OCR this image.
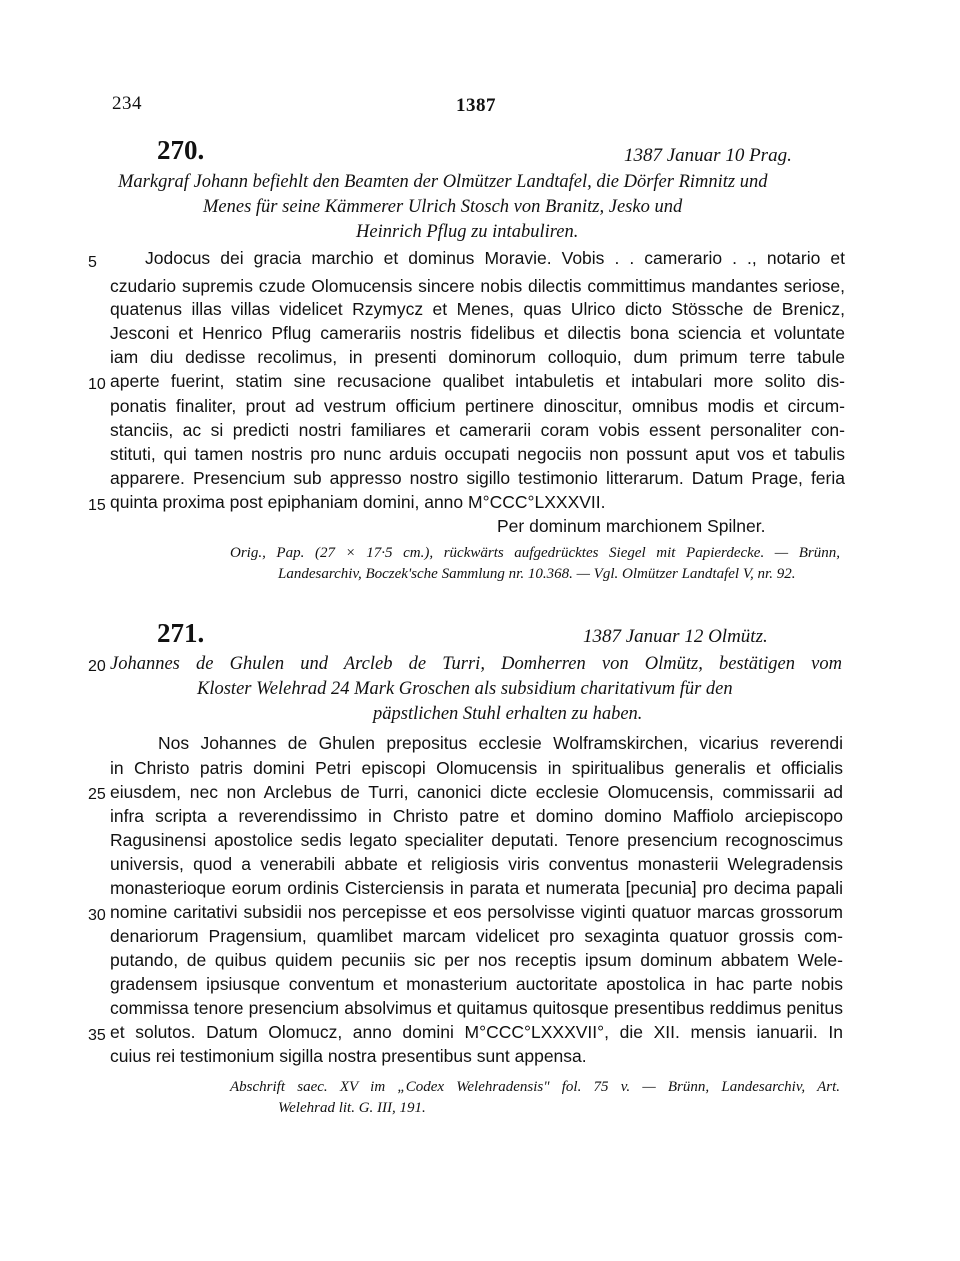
234	1387
270.	1387 Januar 10 Prag.
Markgraf Johann befiehlt den Beamten der Olmützer Landtafel, die Dörfer Rimnitz und
Menes für seine Kämmerer Ulrich Stosch von Branitz, Jesko und
Heinrich Pflug zu intabuliren.
5	Jodocus dei gracia marchio et dominus Moravie. Vobis . . camerario . ., notario et
czudario supremis czude Olomucensis sincere nobis dilectis committimus mandantes seriose,
quatenus illas villas videlicet Rzymycz et Menes, quas Ulrico dicto Stössche de Brenicz,
Jesconi et Henrico Pflug camerariis nostris fidelibus et dilectis bona sciencia et voluntate
iam diu dedisse recolimus, in presenti dominorum colloquio, dum primum terre tabule
10 aperte fuerint, statim sine recusacione qualibet intabuletis et intabulari more solito dis-
ponatis finaliter, prout ad vestrum officium pertinere dinoscitur, omnibus modis et circum-
stanciis, ac si predicti nostri familiares et camerarii coram vobis essent personaliter con-
stituti, qui tamen nostris pro nunc arduis occupati negociis non possunt aput vos et tabulis
apparere. Presencium sub appresso nostro sigillo testimonio litterarum. Datum Prage, feria
15 quinta proxima post epiphaniam domini, anno M°CCC°LXXXVII.
Per dominum marchionem Spilner.
Orig., Pap. (27 × 17·5 cm.), rückwärts aufgedrücktes Siegel mit Papierdecke. — Brünn,
Landesarchiv, Boczek'sche Sammlung nr. 10.368. — Vgl. Olmützer Landtafel V, nr. 92.
271.	1387 Januar 12 Olmütz.
20 Johannes de Ghulen und Arcleb de Turri, Domherren von Olmütz, bestätigen vom
Kloster Welehrad 24 Mark Groschen als subsidium charitativum für den
päpstlichen Stuhl erhalten zu haben.
Nos Johannes de Ghulen prepositus ecclesie Wolframskirchen, vicarius reverendi
in Christo patris domini Petri episcopi Olomucensis in spiritualibus generalis et officialis
25 eiusdem, nec non Arclebus de Turri, canonici dicte ecclesie Olomucensis, commissarii ad
infra scripta a reverendissimo in Christo patre et domino domino Maffiolo arciepiscopo
Ragusinensi apostolice sedis legato specialiter deputati. Tenore presencium recognoscimus
universis, quod a venerabili abbate et religiosis viris conventus monasterii Welegradensis
monasterioque eorum ordinis Cisterciensis in parata et numerata [pecunia] pro decima papali
30 nomine caritativi subsidii nos percepisse et eos persolvisse viginti quatuor marcas grossorum
denariorum Pragensium, quamlibet marcam videlicet pro sexaginta quatuor grossis com-
putando, de quibus quidem pecuniis sic per nos receptis ipsum dominum abbatem Wele-
gradensem ipsiusque conventum et monasterium auctoritate apostolica in hac parte nobis
commissa tenore presencium absolvimus et quitamus quitosque presentibus reddimus penitus
35 et solutos. Datum Olomucz, anno domini M°CCC°LXXXVII°, die XII. mensis ianuarii. In
cuius rei testimonium sigilla nostra presentibus sunt appensa.
Abschrift saec. XV im „Codex Welehradensis" fol. 75 v. — Brünn, Landesarchiv, Art.
Welehrad lit. G. III, 191.
